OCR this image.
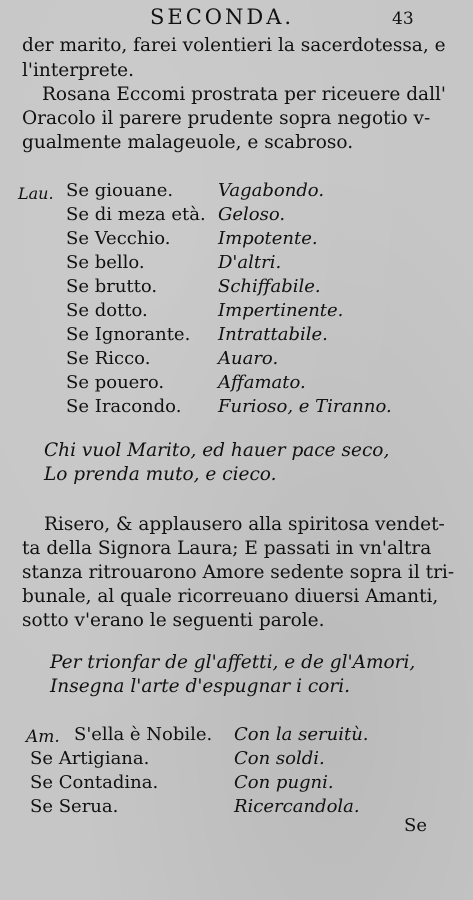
SECONDA.	43
der marito, farei volentieri la sacerdotessa, e
l'interprete.
Rosana Eccomi prostrata per riceuere dall'
Oracolo il parere prudente sopra negotio v-
gualmente malageuole, e scabroso.
Lau. Se giouane. Vagabondo.
Se di meza età. Geloso.
Se Vecchio.	Impotente.
Se bello.	D'altri.
Se brutto.	Schiffabile.
Se dotto.	Impertinente.
Se Ignorante. Intrattabile.
Se Ricco.	Auaro.
Se pouero.	Affamato.
Se Iracondo. Furioso, e Tiranno.
Chi vuol Marito, ed hauer pace seco,
Lo prenda muto, e cieco.
Risero, & applausero alla spiritosa vendet-
ta della Signora Laura; E passati in vn'altra
stanza ritrouarono Amore sedente sopra il tri-
bunale, al quale ricorreuano diuersi Amanti,
sotto v'erano le seguenti parole.
Per trionfar de gl'affetti, e de gl'Amori,
Insegna l'arte d'espugnar i cori.
Am. S'ella è Nobile. Con la seruitù.
Se Artigiana.	Con soldi.
Se Contadina.	Con pugni.
Se Serua.	Ricercandola.
Se
